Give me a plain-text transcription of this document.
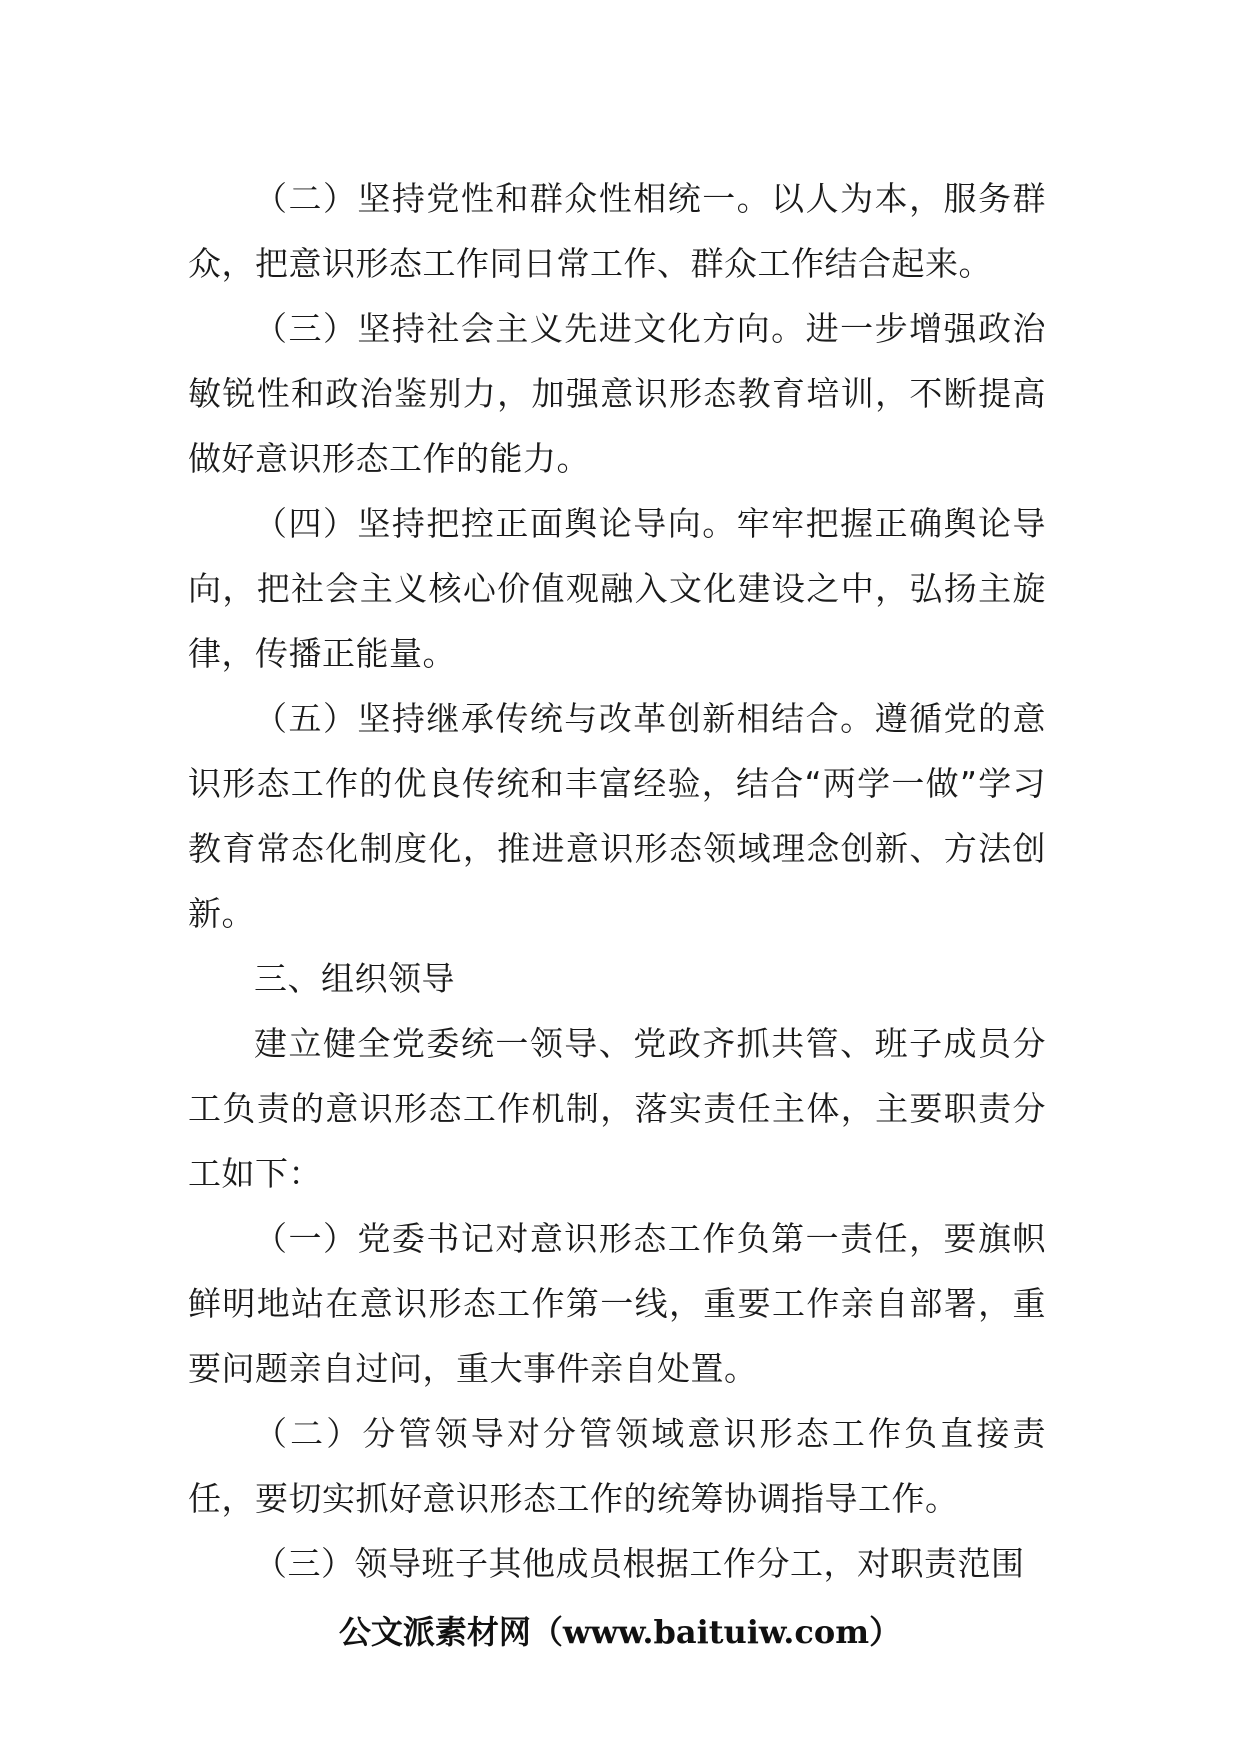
（二）坚持党性和群众性相统一。以人为本，服务群众，把意识形态工作同日常工作、群众工作结合起来。

（三）坚持社会主义先进文化方向。进一步增强政治敏锐性和政治鉴别力，加强意识形态教育培训，不断提高做好意识形态工作的能力。

（四）坚持把控正面舆论导向。牢牢把握正确舆论导向，把社会主义核心价值观融入文化建设之中，弘扬主旋律，传播正能量。

（五）坚持继承传统与改革创新相结合。遵循党的意识形态工作的优良传统和丰富经验，结合“两学一做”学习教育常态化制度化，推进意识形态领域理念创新、方法创新。

三、组织领导

建立健全党委统一领导、党政齐抓共管、班子成员分工负责的意识形态工作机制，落实责任主体，主要职责分工如下：

（一）党委书记对意识形态工作负第一责任，要旗帜鲜明地站在意识形态工作第一线，重要工作亲自部署，重要问题亲自过问，重大事件亲自处置。

（二）分管领导对分管领域意识形态工作负直接责任，要切实抓好意识形态工作的统筹协调指导工作。

（三）领导班子其他成员根据工作分工，对职责范围

公文派素材网（www.baituiw.com）
